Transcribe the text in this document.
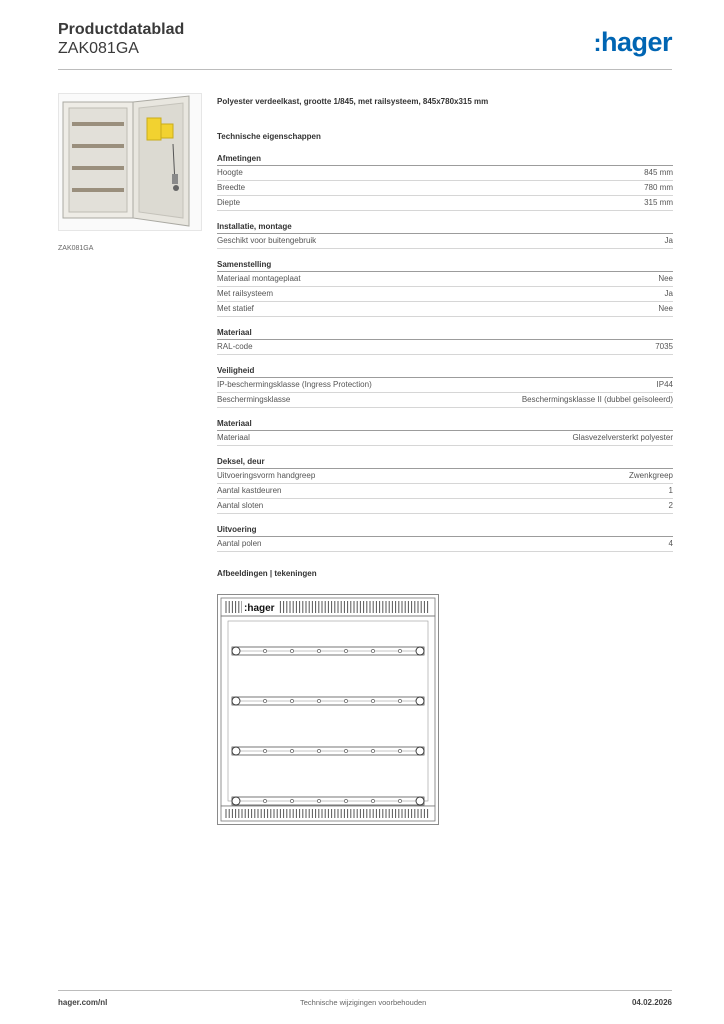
Productdatablad
ZAK081GA	:hager
ZAK081GA
Polyester verdeelkast, grootte 1/845, met railsysteem, 845x780x315 mm
Technische eigenschappen
Afmetingen
Hoogte	845 mm
Breedte	780 mm
Diepte	315 mm
Installatie, montage
Geschikt voor buitengebruik	Ja
Samenstelling
Materiaal montageplaat	Nee
Met railsysteem	Ja
Met statief	Nee
Materiaal
RAL-code	7035
Veiligheid
IP-beschermingsklasse (Ingress Protection)	IP44
Beschermingsklasse	Beschermingsklasse II (dubbel geïsoleerd)
Materiaal
Materiaal	Glasvezelversterkt polyester
Deksel, deur
Uitvoeringsvorm handgreep	Zwenkgreep
Aantal kastdeuren	1
Aantal sloten	2
Uitvoering
Aantal polen	4
Afbeeldingen | tekeningen
:hager
hager.com/nl	Technische wijzigingen voorbehouden	04.02.2026
